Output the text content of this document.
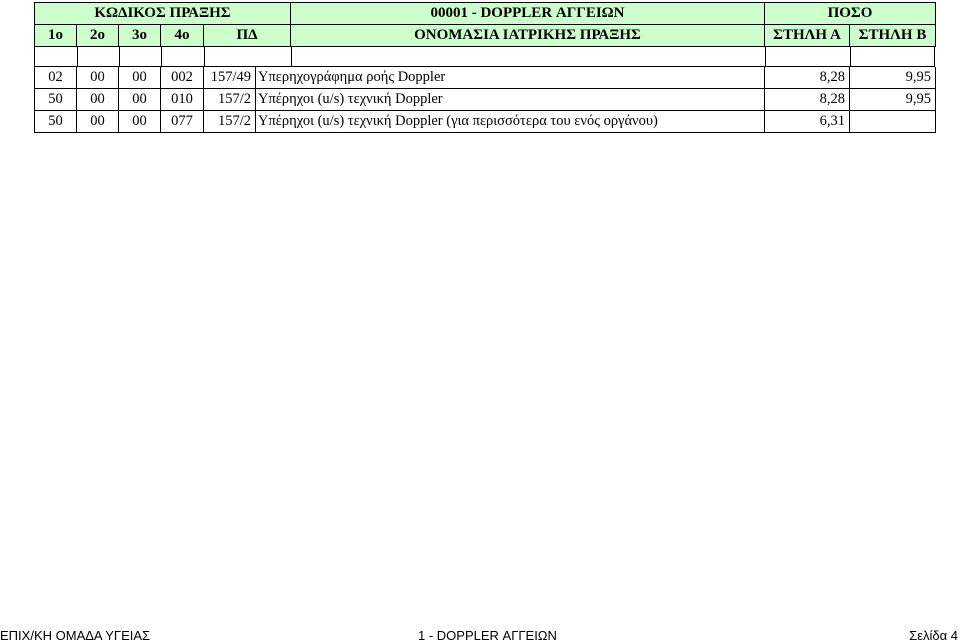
ΚΩΔΙΚΟΣ ΠΡΑΞΗΣ					00001 - DOPPLER ΑΓΓΕΙΩΝ	ΠΟΣΟ	
1ο	2ο	3ο	4ο	ΠΔ	ΟΝΟΜΑΣΙΑ ΙΑΤΡΙΚΗΣ ΠΡΑΞΗΣ	ΣΤΗΛΗ Α	ΣΤΗΛΗ Β
02	00	00	002	157/49	Υπερηχογράφημα ροής Doppler	8,28	9,95
50	00	00	010	157/2	Υπέρηχοι (u/s) τεχνική Doppler	8,28	9,95
50	00	00	077	157/2	Υπέρηχοι (u/s) τεχνική Doppler (για περισσότερα του ενός οργάνου)	6,31	
ΕΠΙΧ/ΚΗ ΟΜΑΔΑ ΥΓΕΙΑΣ	1 - DOPPLER ΑΓΓΕΙΩΝ	Σελίδα 4
